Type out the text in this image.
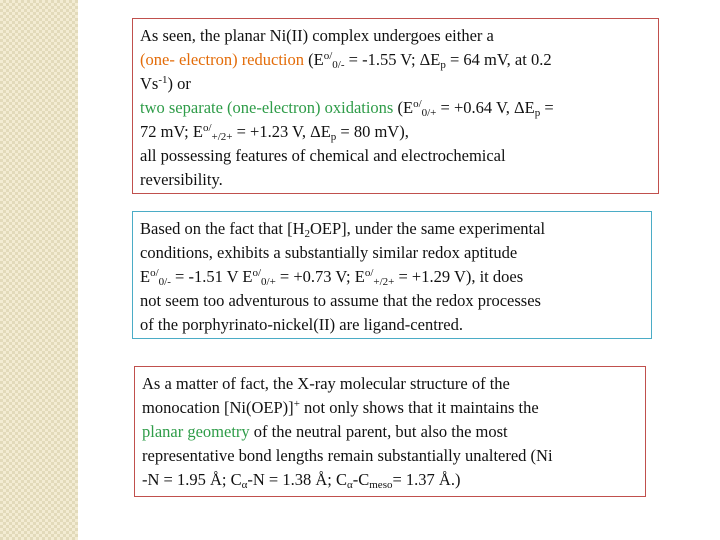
As seen, the planar Ni(II) complex undergoes either a
(one- electron) reduction ($E^{o/}_{0/-} = -1.55$ V; $\Delta E_p = 64$ mV, at 0.2
$Vs^{-1}$) or
two separate (one-electron) oxidations ($E^{o/}_{0/+} = +0.64$ V, $\Delta E_p$ =
72 mV; $E^{o/}_{+/2+} = +1.23$ V, $\Delta E_p = 80$ mV),
all possessing features of chemical and electrochemical
reversibility.
Based on the fact that $[H_2OEP]$, under the same experimental
conditions, exhibits a substantially similar redox aptitude
$E^{o/}_{0/-} = -1.51$ V $E^{o/}_{0/+} = +0.73$ V; $E^{o/}_{+/2+} = +1.29$ V), it does
not seem too adventurous to assume that the redox processes
of the porphyrinato-nickel(II) are ligand-centred.
As a matter of fact, the X-ray molecular structure of the
monocation [Ni(OEP)]+ not only shows that it maintains the
planar geometry of the neutral parent, but also the most
representative bond lengths remain substantially unaltered (Ni
-N = 1.95 Å; $C_\alpha-N = 1.38$ Å; $C_\alpha-C_{meso}= 1.37$ Å.)
